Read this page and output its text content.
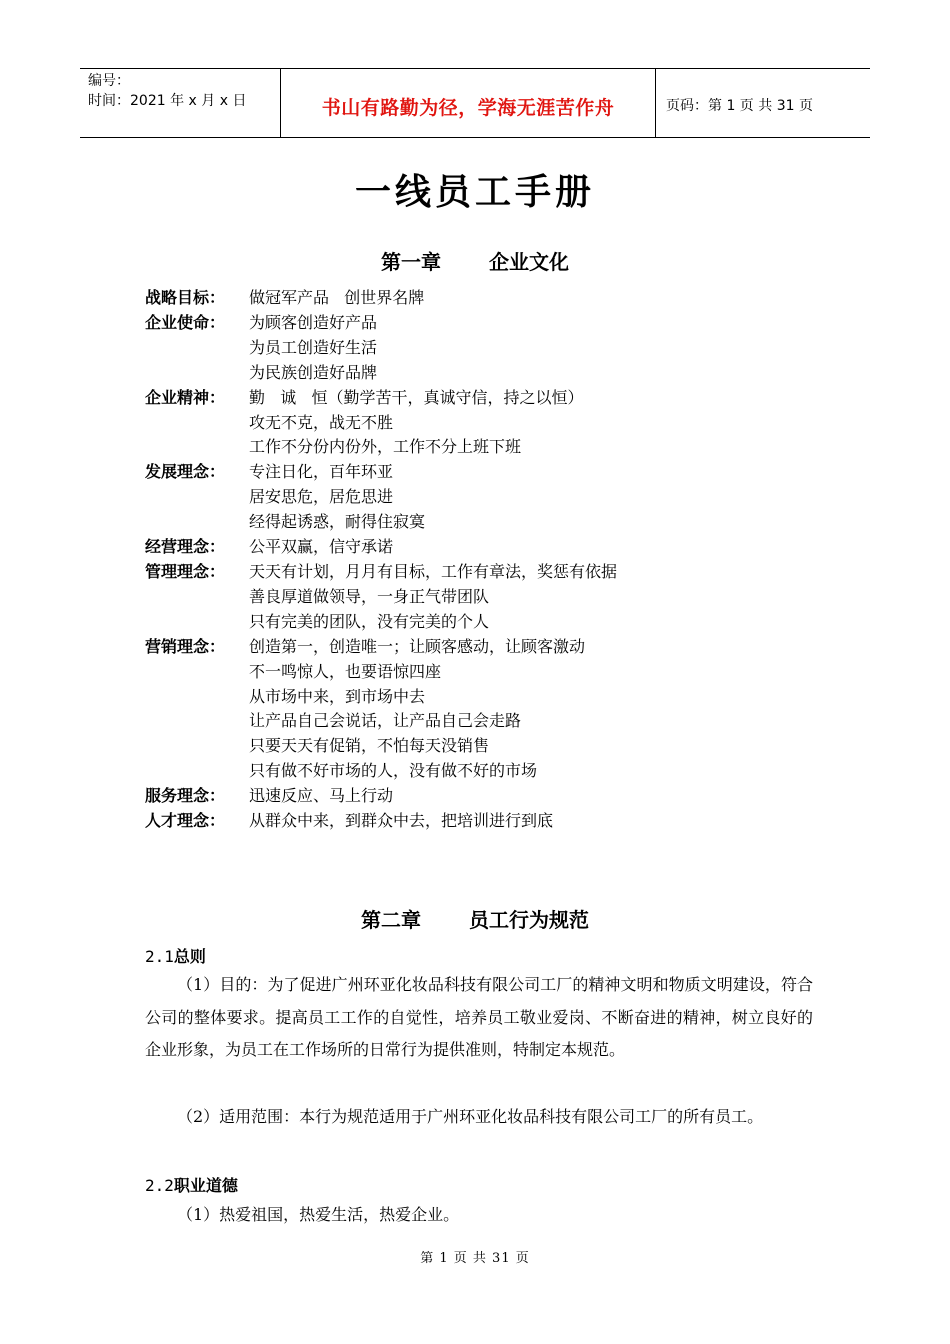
编号：
时间：2021 年 x 月 x 日	书山有路勤为径，学海无涯苦作舟	页码：第 1 页 共 31 页
一线员工手册
第一章 企业文化
战略目标：	做冠军产品   创世界名牌
企业使命：	为顾客创造好产品
为员工创造好生活
为民族创造好品牌
企业精神：	勤   诚   恒（勤学苦干，真诚守信，持之以恒）
攻无不克，战无不胜
工作不分份内份外，工作不分上班下班
发展理念：	专注日化，百年环亚
居安思危，居危思进
经得起诱惑，耐得住寂寞
经营理念：	公平双赢，信守承诺
管理理念：	天天有计划，月月有目标，工作有章法，奖惩有依据
善良厚道做领导，一身正气带团队
只有完美的团队，没有完美的个人
营销理念：	创造第一，创造唯一；让顾客感动，让顾客激动
不一鸣惊人，也要语惊四座
从市场中来，到市场中去
让产品自己会说话，让产品自己会走路
只要天天有促销，不怕每天没销售
只有做不好市场的人，没有做不好的市场
服务理念：	迅速反应、马上行动
人才理念：	从群众中来，到群众中去，把培训进行到底
第二章 员工行为规范
2.1总则
（1）目的：为了促进广州环亚化妆品科技有限公司工厂的精神文明和物质文明建设，符合公司的整体要求。提高员工工作的自觉性，培养员工敬业爱岗、不断奋进的精神，树立良好的企业形象，为员工在工作场所的日常行为提供准则，特制定本规范。
（2）适用范围：本行为规范适用于广州环亚化妆品科技有限公司工厂的所有员工。
2.2职业道德
（1）热爱祖国，热爱生活，热爱企业。
第 1 页 共 31 页
